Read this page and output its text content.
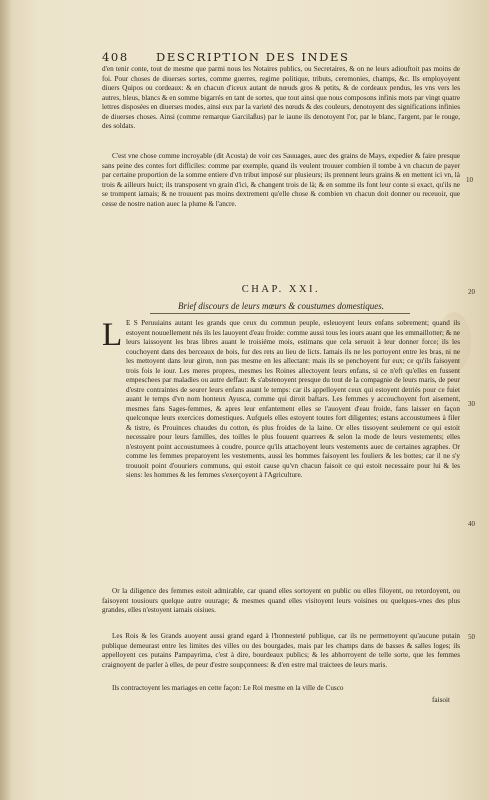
408 DESCRIPTION DES INDES

d'en tenir conte, tout de mesme que parmi nous les Notaires publics, ou Secretaires, & on ne leurs adiouftoit pas moins de foi. Pour choses de diuerses sortes, comme guerres, regime politique, tributs, ceremonies, champs, &c. Ils employoyent diuers Quipos ou cordeaux: & en chacun d'iceux autant de nœuds gros & petits, & de cordeaux pendus, les vns vers les autres, bleus, blancs & en somme bigarrés en tant de sortes, que tout ainsi que nous composons infinis mots par vingt quatre lettres disposées en diuerses modes, ainsi eux par la varieté des nœuds & des couleurs, denotoyent des significations infinies de diuerses choses. Ainsi (comme remarque Garcilaßus) par le iaune ils denotoyent l'or, par le blanc, l'argent, par le rouge, des soldats.

C'est vne chose comme incroyable (dit Acosta) de voir ces Sauuages, auec des grains de Mays, expedier & faire presque sans peine des contes fort difficiles: comme par exemple, quand ils veulent trouuer combien il tombe à vn chacun de payer par certaine proportion de la somme entiere d'vn tribut imposé sur plusieurs; ils prennent leurs grains & en mettent ici vn, là trois & ailleurs huict; ils transposent vn grain d'ici, & changent trois de là; & en somme ils font leur conte si exact, qu'ils ne se trompent iamais; & ne trouuent pas moins dextrement qu'elle chose & combien vn chacun doit donner ou receuoir, que cesse de nostre nation auec la plume & l'ancre.

10
CHAP. XXI.	20
Brief discours de leurs mœurs & coustumes domestiques.
L E S Peruuiains autant les grands que ceux du commun peuple, esleuoyent leurs enfans sobrement; quand ils estoyent nouuellement nés ils les lauoyent d'eau froide: comme aussi tous les iours auant que les emmaillotter; & ne leurs laissoyent les bras libres auant le troisiéme mois, estimans que cela seruoit à leur donner force; ils les couchoyent dans des berceaux de bois, fur des rets au lieu de licts. Iamais ils ne les portoyent entre les bras, ni ne les mettoyent dans leur giron, non pas mesme en les allectant: mais ils se penchoyent fur eux; ce qu'ils faisoyent trois fois le iour. Les meres propres, mesmes les Roines allectoyent leurs enfans, si ce n'eft qu'elles en fussent empeschees par maladies ou autre deffaut: & s'abstenoyent presque du tout de la compagnie de leurs maris, de peur d'estre contraintes de seurer leurs enfans auant le temps: car ils appelloyent ceux qui estoyent detriés pour ce fuiet auant le temps d'vn nom honteux Ayusca, comme qui diroit baftars. Les femmes y accouchoyent fort aisement, mesmes fans Sages-femmes, & apres leur enfantement elles se l'auoyent d'eau froide, fans laisser en façon quelconque leurs exercices domestiques. Aufquels elles estoyent toutes fort diligentes; estans accoustumees à filer & tistre, ės Prouinces chaudes du cotton, ės plus froides de la laine. Or elles tissoyent seulement ce qui estoit necessaire pour leurs familles, des toilles le plus fouuent quarrees & selon la mode de leurs vestements; elles n'estoyent point accoustumees à coudre, pource qu'ils attachoyent leurs vestements auec de certaines agraphes. Or comme les femmes preparoyent les vestements, aussi les hommes faisoyent les fouliers & les bottes; car il ne s'y trouuoit point d'ouuriers communs, qui estoit cause qu'vn chacun faisoit ce qui estoit necessaire pour lui & les siens: les hommes & les femmes s'exerçoyent à l'Agriculture.

30
40

Or la diligence des femmes estoit admirable, car quand elles sortoyent en public ou elles filoyent, ou retordoyent, ou faisoyent tousiours quelque autre ouurage; & mesmes quand elles visitoyent leurs voisines ou quelques-vnes des plus grandes, elles n'estoyent iamais oisiues.

Les Rois & les Grands auoyent aussi grand egard à l'honnesteté publique, car ils ne permettoyent qu'aucune putain publique demeurast entre les limites des villes ou des bourgades, mais par les champs dans de basses & salles loges; ils appelloyent ces putains Pampayrima, c'est à dire, bourdeaux publics; & les abhorroyent de telle sorte, que les femmes craignoyent de parler à elles, de peur d'estre soupçonnees: & d'en estre mal traictees de leurs maris.

50

Ils contractoyent les mariages en cette façon: Le Roi mesme en la ville de Cusco

faisoit
